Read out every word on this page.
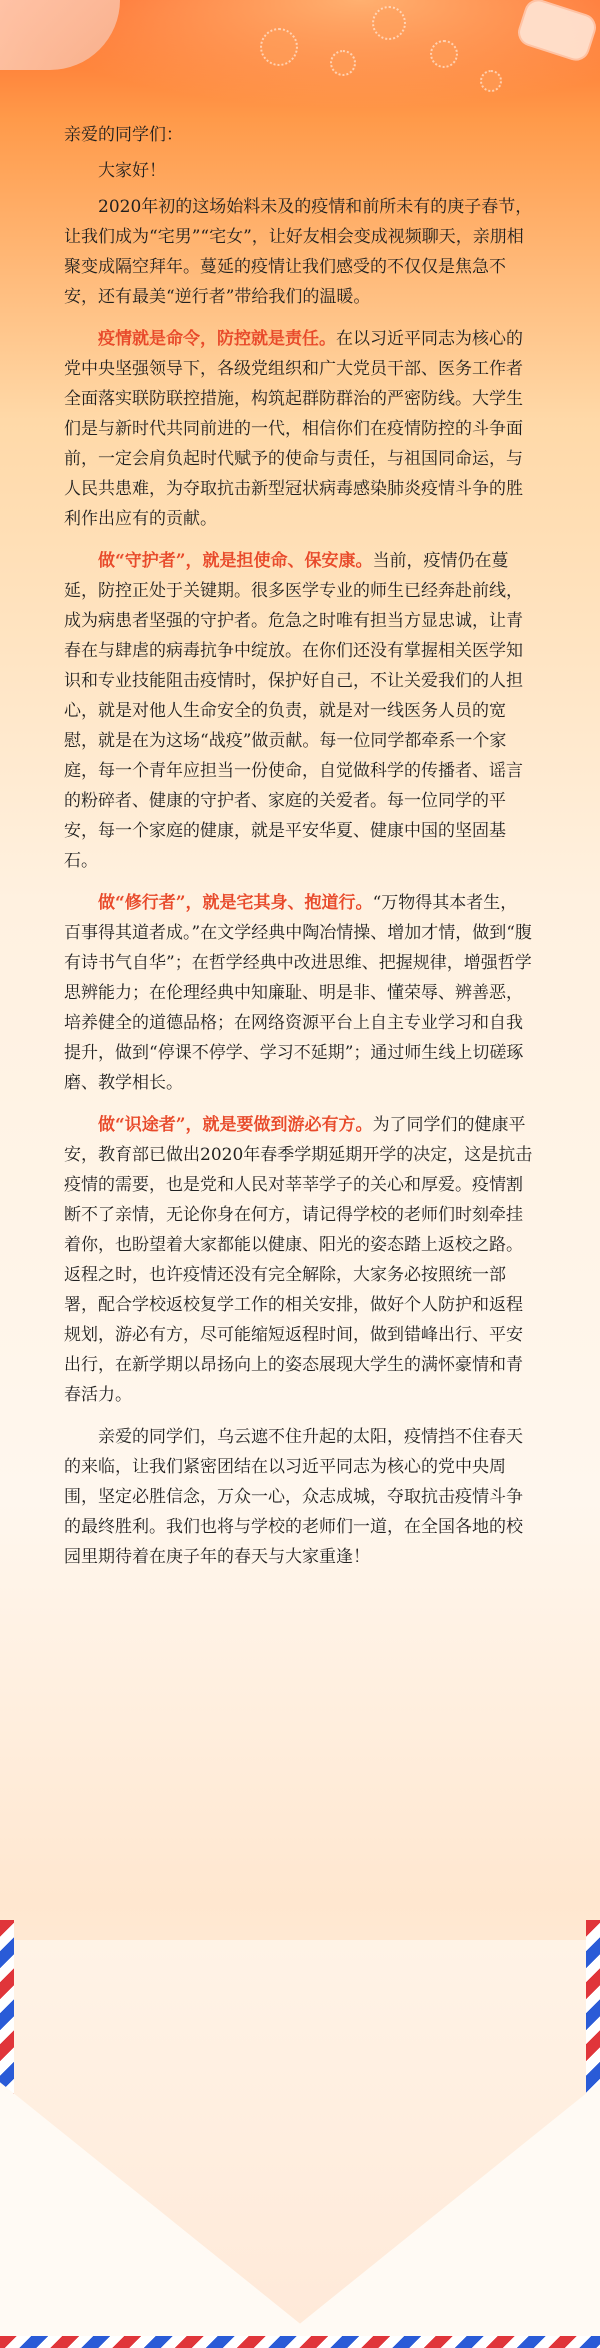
亲爱的同学们：

大家好！

2020年初的这场始料未及的疫情和前所未有的庚子春节，让我们成为“宅男”“宅女”，让好友相会变成视频聊天，亲朋相聚变成隔空拜年。蔓延的疫情让我们感受的不仅仅是焦急不安，还有最美“逆行者”带给我们的温暖。

疫情就是命令，防控就是责任。在以习近平同志为核心的党中央坚强领导下，各级党组织和广大党员干部、医务工作者全面落实联防联控措施，构筑起群防群治的严密防线。大学生们是与新时代共同前进的一代，相信你们在疫情防控的斗争面前，一定会肩负起时代赋予的使命与责任，与祖国同命运，与人民共患难，为夺取抗击新型冠状病毒感染肺炎疫情斗争的胜利作出应有的贡献。

做“守护者”，就是担使命、保安康。当前，疫情仍在蔓延，防控正处于关键期。很多医学专业的师生已经奔赴前线，成为病患者坚强的守护者。危急之时唯有担当方显忠诚，让青春在与肆虐的病毒抗争中绽放。在你们还没有掌握相关医学知识和专业技能阻击疫情时，保护好自己，不让关爱我们的人担心，就是对他人生命安全的负责，就是对一线医务人员的宽慰，就是在为这场“战疫”做贡献。每一位同学都牵系一个家庭，每一个青年应担当一份使命，自觉做科学的传播者、谣言的粉碎者、健康的守护者、家庭的关爱者。每一位同学的平安，每一个家庭的健康，就是平安华夏、健康中国的坚固基石。

做“修行者”，就是宅其身、抱道行。“万物得其本者生，百事得其道者成。”在文学经典中陶冶情操、增加才情，做到“腹有诗书气自华”；在哲学经典中改进思维、把握规律，增强哲学思辨能力；在伦理经典中知廉耻、明是非、懂荣辱、辨善恶，培养健全的道德品格；在网络资源平台上自主专业学习和自我提升，做到“停课不停学、学习不延期”；通过师生线上切磋琢磨、教学相长。

做“识途者”，就是要做到游必有方。为了同学们的健康平安，教育部已做出2020年春季学期延期开学的决定，这是抗击疫情的需要，也是党和人民对莘莘学子的关心和厚爱。疫情割断不了亲情，无论你身在何方，请记得学校的老师们时刻牵挂着你，也盼望着大家都能以健康、阳光的姿态踏上返校之路。返程之时，也许疫情还没有完全解除，大家务必按照统一部署，配合学校返校复学工作的相关安排，做好个人防护和返程规划，游必有方，尽可能缩短返程时间，做到错峰出行、平安出行，在新学期以昂扬向上的姿态展现大学生的满怀豪情和青春活力。

亲爱的同学们，乌云遮不住升起的太阳，疫情挡不住春天的来临，让我们紧密团结在以习近平同志为核心的党中央周围，坚定必胜信念，万众一心，众志成城，夺取抗击疫情斗争的最终胜利。我们也将与学校的老师们一道，在全国各地的校园里期待着在庚子年的春天与大家重逢！
